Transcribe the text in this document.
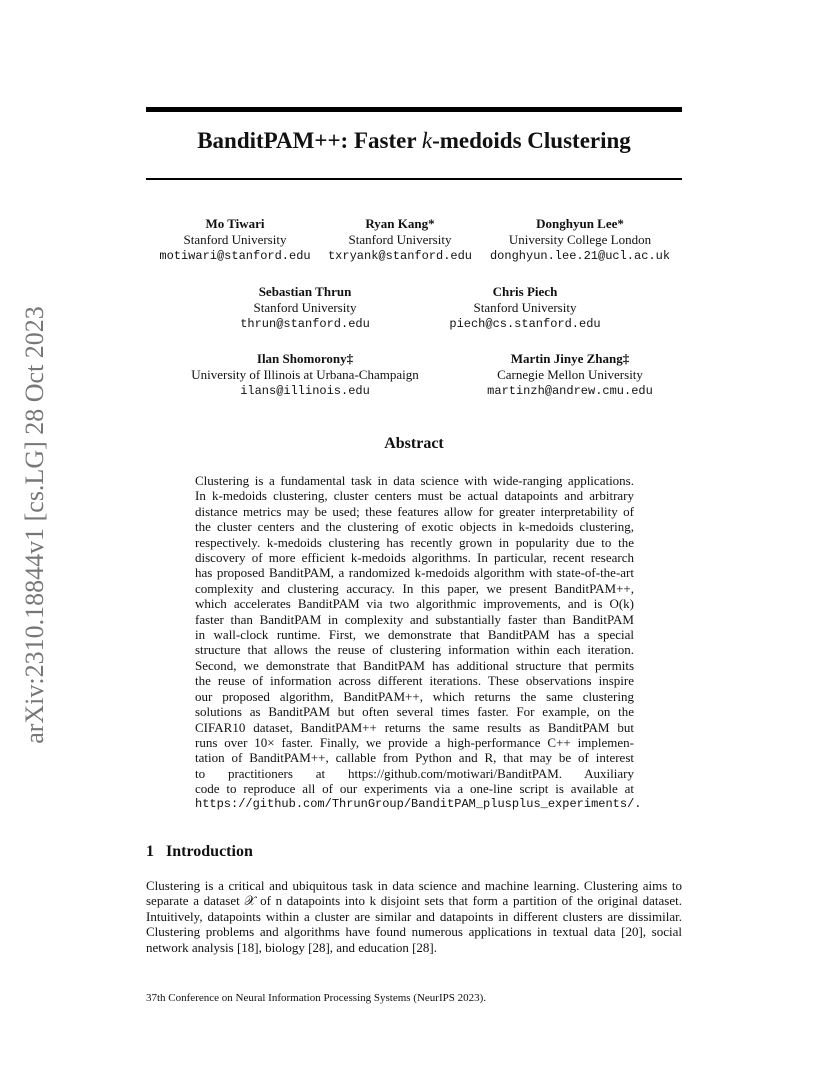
arXiv:2310.18844v1 [cs.LG] 28 Oct 2023
BanditPAM++: Faster k-medoids Clustering
Mo Tiwari
Stanford University
motiwari@stanford.edu
Ryan Kang*
Stanford University
txryank@stanford.edu
Donghyun Lee*
University College London
donghyun.lee.21@ucl.ac.uk
Sebastian Thrun
Stanford University
thrun@stanford.edu
Chris Piech
Stanford University
piech@cs.stanford.edu
Ilan Shomorony‡
University of Illinois at Urbana-Champaign
ilans@illinois.edu
Martin Jinye Zhang‡
Carnegie Mellon University
martinzh@andrew.cmu.edu
Abstract
Clustering is a fundamental task in data science with wide-ranging applications.
In k-medoids clustering, cluster centers must be actual datapoints and arbitrary
distance metrics may be used; these features allow for greater interpretability of
the cluster centers and the clustering of exotic objects in k-medoids clustering,
respectively. k-medoids clustering has recently grown in popularity due to the
discovery of more efficient k-medoids algorithms. In particular, recent research
has proposed BanditPAM, a randomized k-medoids algorithm with state-of-the-art
complexity and clustering accuracy. In this paper, we present BanditPAM++,
which accelerates BanditPAM via two algorithmic improvements, and is O(k)
faster than BanditPAM in complexity and substantially faster than BanditPAM
in wall-clock runtime. First, we demonstrate that BanditPAM has a special
structure that allows the reuse of clustering information within each iteration.
Second, we demonstrate that BanditPAM has additional structure that permits
the reuse of information across different iterations. These observations inspire
our proposed algorithm, BanditPAM++, which returns the same clustering
solutions as BanditPAM but often several times faster. For example, on the
CIFAR10 dataset, BanditPAM++ returns the same results as BanditPAM but
runs over 10× faster. Finally, we provide a high-performance C++ implemen-
tation of BanditPAM++, callable from Python and R, that may be of interest
to practitioners at https://github.com/motiwari/BanditPAM. Auxiliary
code to reproduce all of our experiments via a one-line script is available at
https://github.com/ThrunGroup/BanditPAM_plusplus_experiments/.
1 Introduction
Clustering is a critical and ubiquitous task in data science and machine learning. Clustering aims to
separate a dataset 𝒳 of n datapoints into k disjoint sets that form a partition of the original dataset.
Intuitively, datapoints within a cluster are similar and datapoints in different clusters are dissimilar.
Clustering problems and algorithms have found numerous applications in textual data [20], social
network analysis [18], biology [28], and education [28].
37th Conference on Neural Information Processing Systems (NeurIPS 2023).
